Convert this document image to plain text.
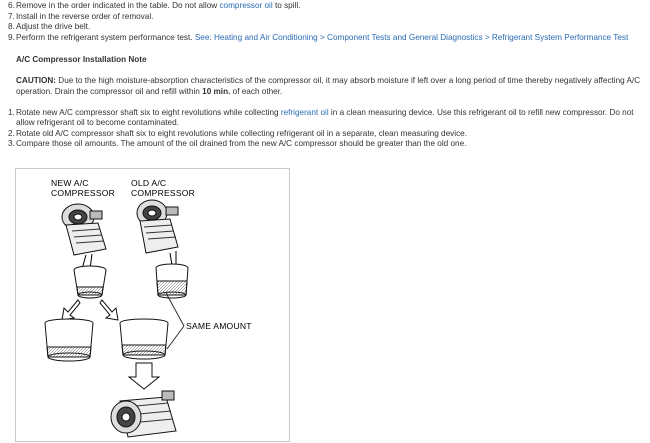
6. Remove in the order indicated in the table. Do not allow compressor oil to spill.
7. Install in the reverse order of removal.
8. Adjust the drive belt.
9. Perform the refrigerant system performance test. See: Heating and Air Conditioning > Component Tests and General Diagnostics > Refrigerant System Performance Test
A/C Compressor Installation Note
CAUTION: Due to the high moisture-absorption characteristics of the compressor oil, it may absorb moisture if left over a long period of time thereby negatively affecting A/C operation. Drain the compressor oil and refill within 10 min. of each other.
1. Rotate new A/C compressor shaft six to eight revolutions while collecting refrigerant oil in a clean measuring device. Use this refrigerant oil to refill new compressor. Do not allow refrigerant oil to become contaminated.
2. Rotate old A/C compressor shaft six to eight revolutions while collecting refrigerant oil in a separate, clean measuring device.
3. Compare those oil amounts. The amount of the oil drained from the new A/C compressor should be greater than the old one.
NEW A/C
COMPRESSOR
OLD A/C
COMPRESSOR
SAME AMOUNT
